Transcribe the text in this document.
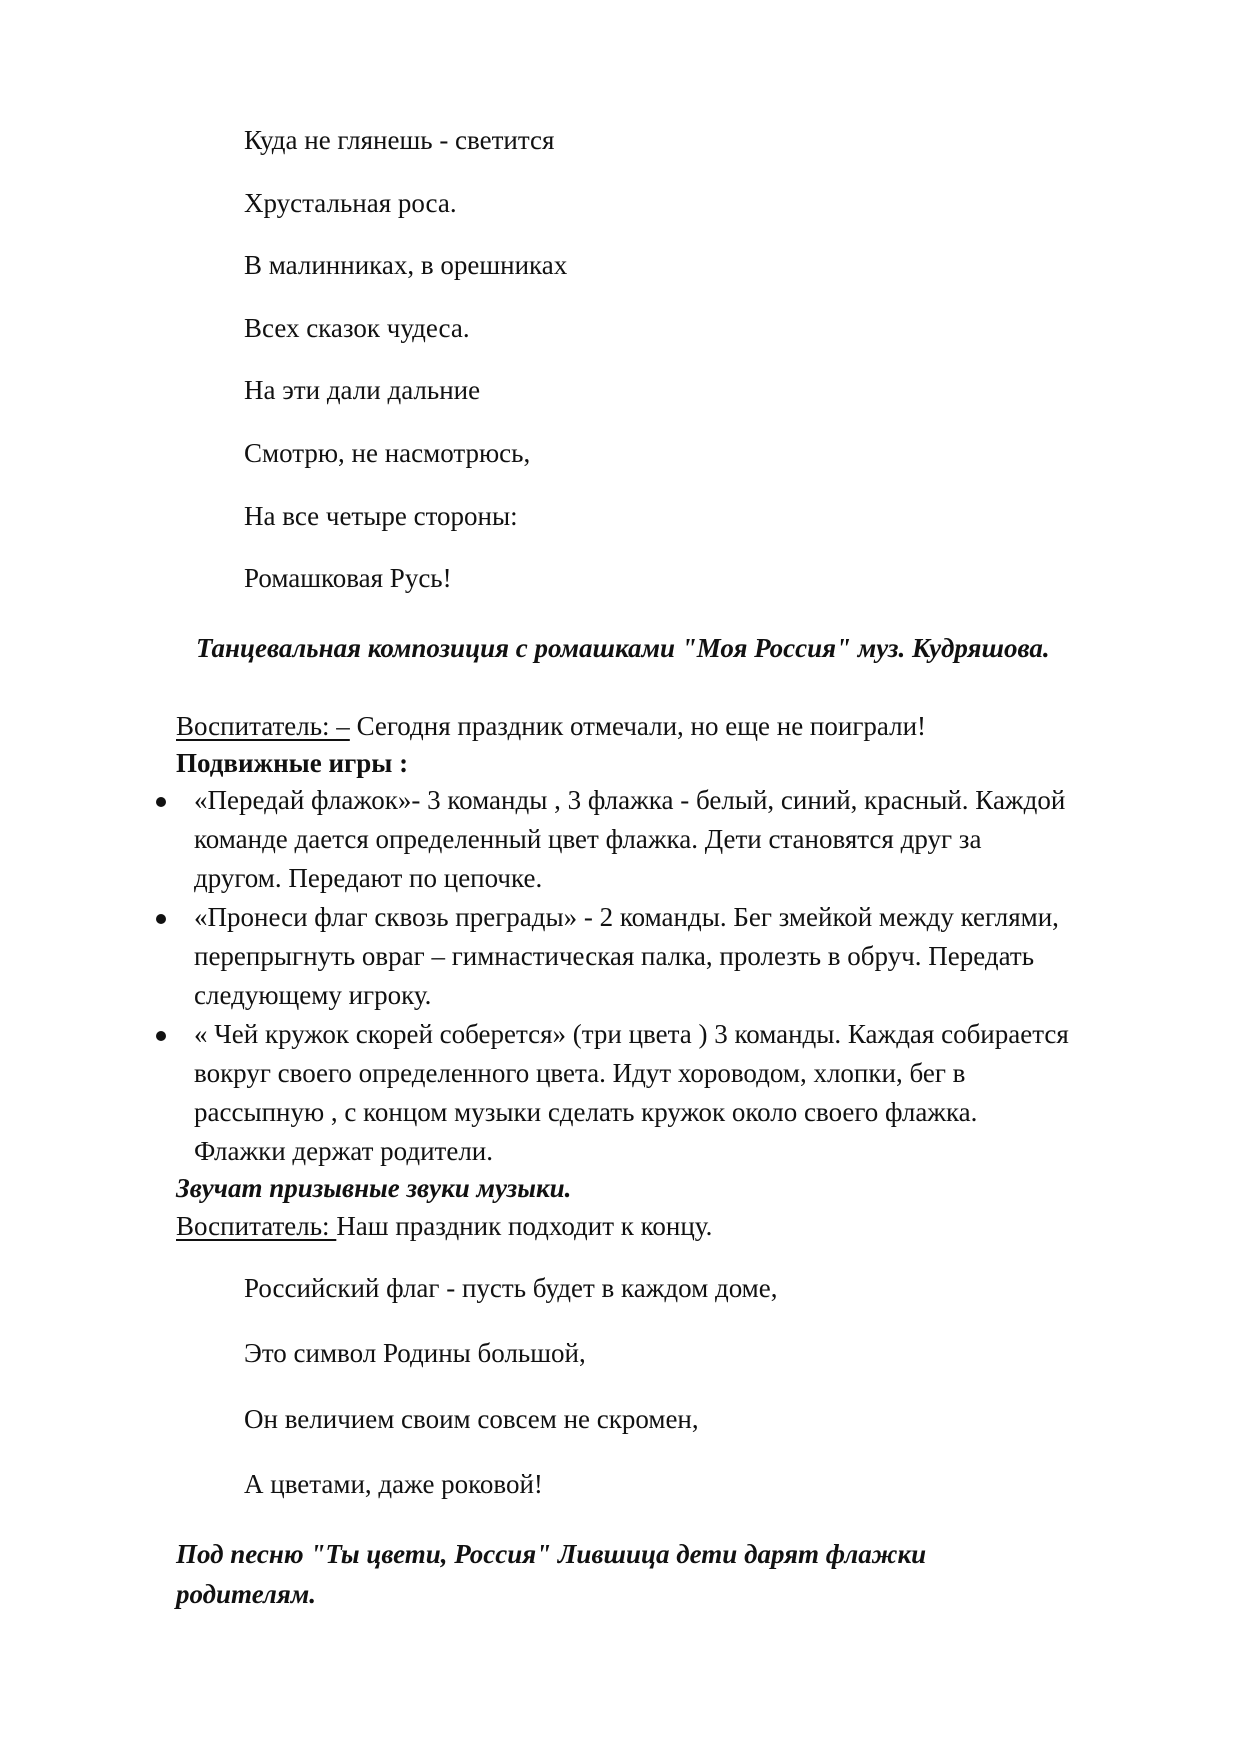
Куда не глянешь - светится
Хрустальная роса.
В малинниках, в орешниках
Всех сказок чудеса.
На эти дали дальние
Смотрю, не насмотрюсь,
На все четыре стороны:
Ромашковая Русь!
Танцевальная композиция с ромашками "Моя Россия" муз. Кудряшова.
Воспитатель: – Сегодня праздник отмечали, но еще не поиграли!
Подвижные игры :
«Передай флажок»- 3 команды , 3 флажка - белый, синий, красный. Каждой
команде дается определенный цвет флажка. Дети становятся друг за
другом. Передают по цепочке.
«Пронеси флаг сквозь преграды» - 2 команды. Бег змейкой между кеглями,
перепрыгнуть овраг – гимнастическая палка, пролезть в обруч. Передать
следующему игроку.
« Чей кружок скорей соберется» (три цвета ) 3 команды. Каждая собирается
вокруг своего определенного цвета. Идут хороводом, хлопки, бег в
рассыпную , с концом музыки сделать кружок около своего флажка.
Флажки держат родители.
Звучат призывные звуки музыки.
Воспитатель: Наш праздник подходит к концу.
Российский флаг - пусть будет в каждом доме,
Это символ Родины большой,
Он величием своим совсем не скромен,
А цветами, даже роковой!
Под песню "Ты цвети, Россия" Лившица дети дарят флажки
родителям.
